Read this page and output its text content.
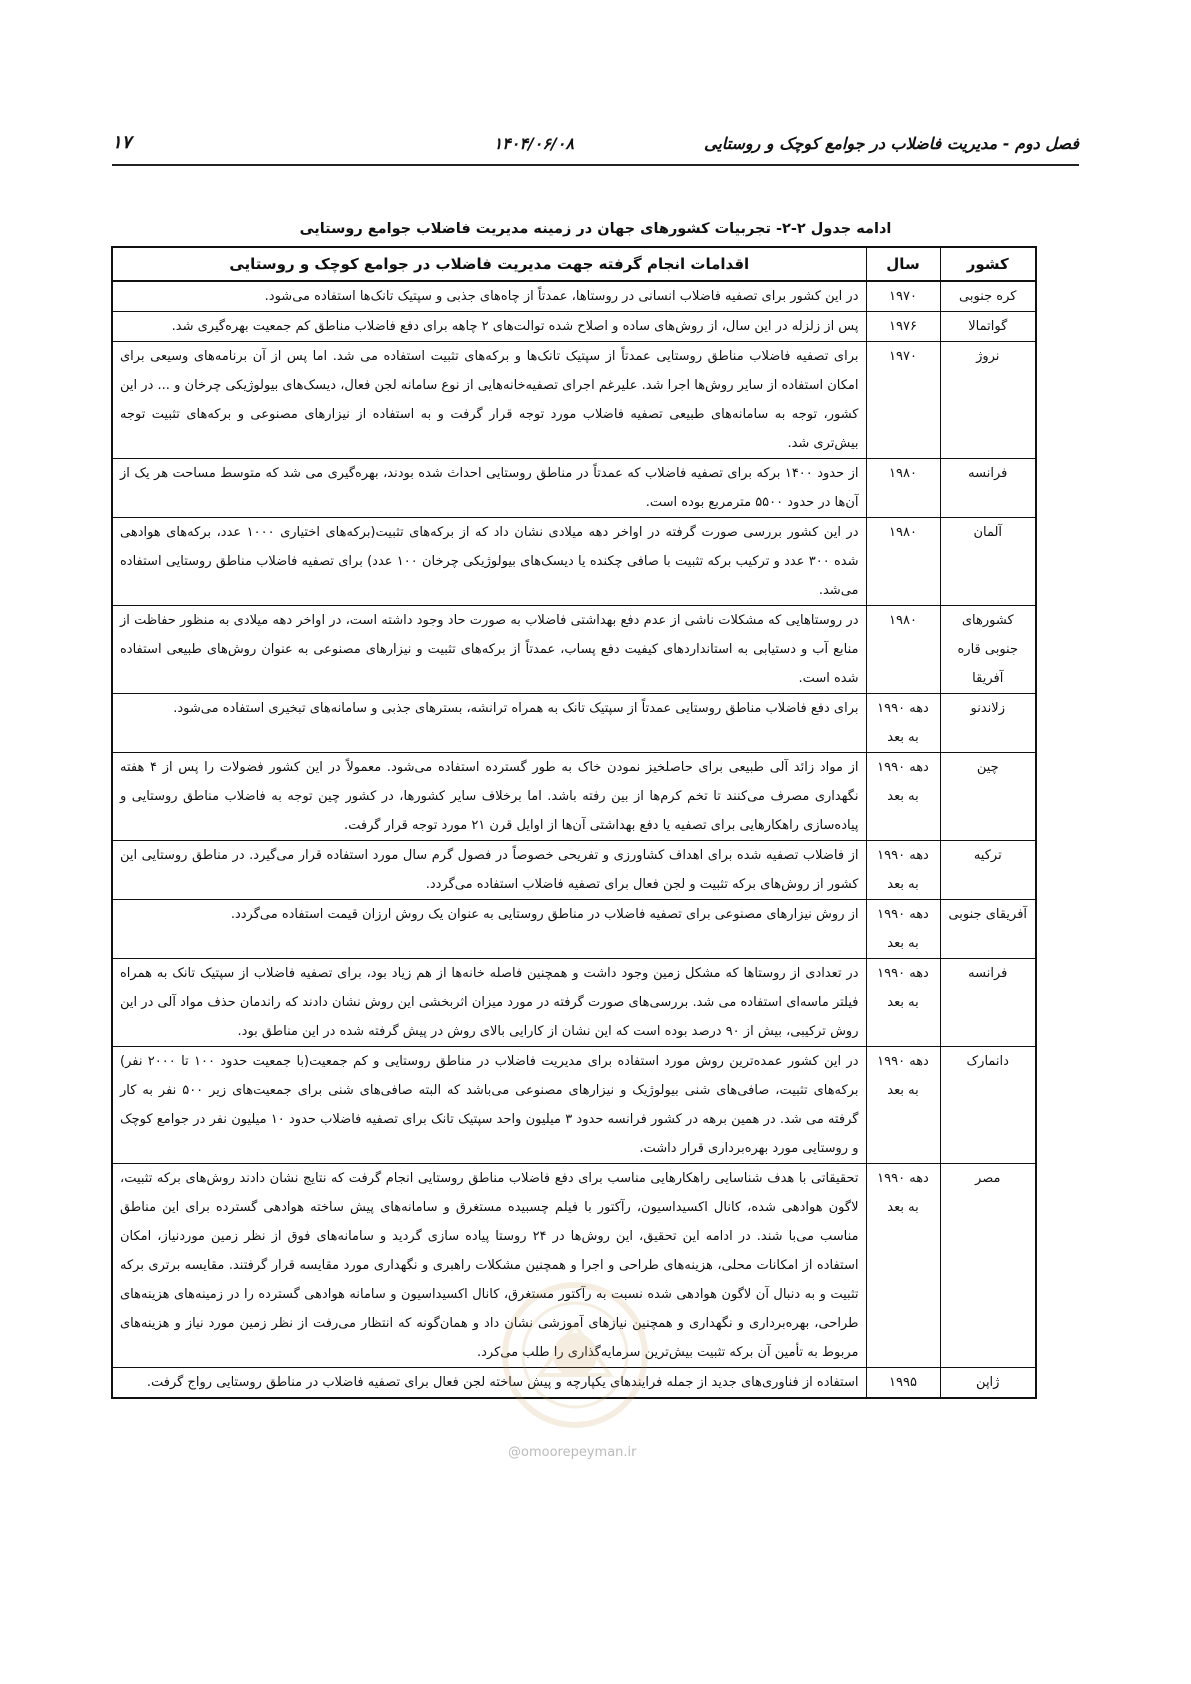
فصل دوم - مدیریت فاضلاب در جوامع کوچک و روستایی
۱۴۰۴/۰۶/۰۸
۱۷
ادامه جدول ۲-۲- تجربیات کشورهای جهان در زمینه مدیریت فاضلاب جوامع روستایی
کشور	سال	اقدامات انجام گرفته جهت مدیریت فاضلاب در جوامع کوچک و روستایی
کره جنوبی	۱۹۷۰	در این کشور برای تصفیه فاضلاب انسانی در روستاها، عمدتاً از چاه‌های جذبی و سپتیک تانک‌ها استفاده می‌شود.
گواتمالا	۱۹۷۶	پس از زلزله در این سال، از روش‌های ساده و اصلاح شده توالت‌های ۲ چاهه برای دفع فاضلاب مناطق کم جمعیت بهره‌گیری شد.
نروژ	۱۹۷۰	برای تصفیه فاضلاب مناطق روستایی عمدتاً از سپتیک تانک‌ها و برکه‌های تثبیت استفاده می شد. اما پس از آن برنامه‌های وسیعی برای امکان استفاده از سایر روش‌ها اجرا شد. علیرغم اجرای تصفیه‌خانه‌هایی از نوع سامانه لجن فعال، دیسک‌های بیولوژیکی چرخان و ... در این کشور، توجه به سامانه‌های طبیعی تصفیه فاضلاب مورد توجه قرار گرفت و به استفاده از نیزارهای مصنوعی و برکه‌های تثبیت توجه بیش‌تری شد.
فرانسه	۱۹۸۰	از حدود ۱۴۰۰ برکه برای تصفیه فاضلاب که عمدتاً در مناطق روستایی احداث شده بودند، بهره‌گیری می شد که متوسط مساحت هر یک از آن‌ها در حدود ۵۵۰۰ مترمربع بوده است.
آلمان	۱۹۸۰	در این کشور بررسی صورت گرفته در اواخر دهه میلادی نشان داد که از برکه‌های تثبیت(برکه‌های اختیاری ۱۰۰۰ عدد، برکه‌های هوادهی شده ۳۰۰ عدد و ترکیب برکه تثبیت با صافی چکنده یا دیسک‌های بیولوژیکی چرخان ۱۰۰ عدد) برای تصفیه فاضلاب مناطق روستایی استفاده می‌شد.
کشورهای جنوبی قاره آفریقا	۱۹۸۰	در روستاهایی که مشکلات ناشی از عدم دفع بهداشتی فاضلاب به صورت حاد وجود داشته است، در اواخر دهه میلادی به منظور حفاظت از منابع آب و دستیابی به استانداردهای کیفیت دفع پساب، عمدتاً از برکه‌های تثبیت و نیزارهای مصنوعی به عنوان روش‌های طبیعی استفاده شده است.
زلاندنو	دهه ۱۹۹۰ به بعد	برای دفع فاضلاب مناطق روستایی عمدتاً از سپتیک تانک به همراه ترانشه، بسترهای جذبی و سامانه‌های تبخیری استفاده می‌شود.
چین	دهه ۱۹۹۰ به بعد	از مواد زائد آلی طبیعی برای حاصلخیز نمودن خاک به طور گسترده استفاده می‌شود. معمولاً در این کشور فضولات را پس از ۴ هفته نگهداری مصرف می‌کنند تا تخم کرم‌ها از بین رفته باشد. اما برخلاف سایر کشورها، در کشور چین توجه به فاضلاب مناطق روستایی و پیاده‌سازی راهکارهایی برای تصفیه یا دفع بهداشتی آن‌ها از اوایل قرن ۲۱ مورد توجه قرار گرفت.
ترکیه	دهه ۱۹۹۰ به بعد	از فاضلاب تصفیه شده برای اهداف کشاورزی و تفریحی خصوصاً در فصول گرم سال مورد استفاده قرار می‌گیرد. در مناطق روستایی این کشور از روش‌های برکه تثبیت و لجن فعال برای تصفیه فاضلاب استفاده می‌گردد.
آفریقای جنوبی	دهه ۱۹۹۰ به بعد	از روش نیزارهای مصنوعی برای تصفیه فاضلاب در مناطق روستایی به عنوان یک روش ارزان قیمت استفاده می‌گردد.
فرانسه	دهه ۱۹۹۰ به بعد	در تعدادی از روستاها که مشکل زمین وجود داشت و همچنین فاصله خانه‌ها از هم زیاد بود، برای تصفیه فاضلاب از سپتیک تانک به همراه فیلتر ماسه‌ای استفاده می شد. بررسی‌های صورت گرفته در مورد میزان اثربخشی این روش نشان دادند که راندمان حذف مواد آلی در این روش ترکیبی، بیش از ۹۰ درصد بوده است که این نشان از کارایی بالای روش در پیش گرفته شده در این مناطق بود.
دانمارک	دهه ۱۹۹۰ به بعد	در این کشور عمده‌ترین روش مورد استفاده برای مدیریت فاضلاب در مناطق روستایی و کم جمعیت(با جمعیت حدود ۱۰۰ تا ۲۰۰۰ نفر) برکه‌های تثبیت، صافی‌های شنی بیولوژیک و نیزارهای مصنوعی می‌باشد که البته صافی‌های شنی برای جمعیت‌های زیر ۵۰۰ نفر به کار گرفته می شد. در همین برهه در کشور فرانسه حدود ۳ میلیون واحد سپتیک تانک برای تصفیه فاضلاب حدود ۱۰ میلیون نفر در جوامع کوچک و روستایی مورد بهره‌برداری قرار داشت.
مصر	دهه ۱۹۹۰ به بعد	تحقیقاتی با هدف شناسایی راهکارهایی مناسب برای دفع فاضلاب مناطق روستایی انجام گرفت که نتایج نشان دادند روش‌های برکه تثبیت، لاگون هوادهی شده، کانال اکسیداسیون، رآکتور با فیلم چسبیده مستغرق و سامانه‌های پیش ساخته هوادهی گسترده برای این مناطق مناسب می‌با شند. در ادامه این تحقیق، این روش‌ها در ۲۴ روستا پیاده سازی گردید و سامانه‌های فوق از نظر زمین موردنیاز، امکان استفاده از امکانات محلی، هزینه‌های طراحی و اجرا و همچنین مشکلات راهبری و نگهداری مورد مقایسه قرار گرفتند. مقایسه برتری برکه تثبیت و به دنبال آن لاگون هوادهی شده نسبت به رآکتور مستغرق، کانال اکسیداسیون و سامانه هوادهی گسترده را در زمینه‌های هزینه‌های طراحی، بهره‌برداری و نگهداری و همچنین نیازهای آموزشی نشان داد و همان‌گونه که انتظار می‌رفت از نظر زمین مورد نیاز و هزینه‌های مربوط به تأمین آن برکه تثبیت بیش‌ترین سرمایه‌گذاری را طلب می‌کرد.
ژاپن	۱۹۹۵	استفاده از فناوری‌های جدید از جمله فرایندهای یکپارچه و پیش ساخته لجن فعال برای تصفیه فاضلاب در مناطق روستایی رواج گرفت.
@omoorepeyman.ir
